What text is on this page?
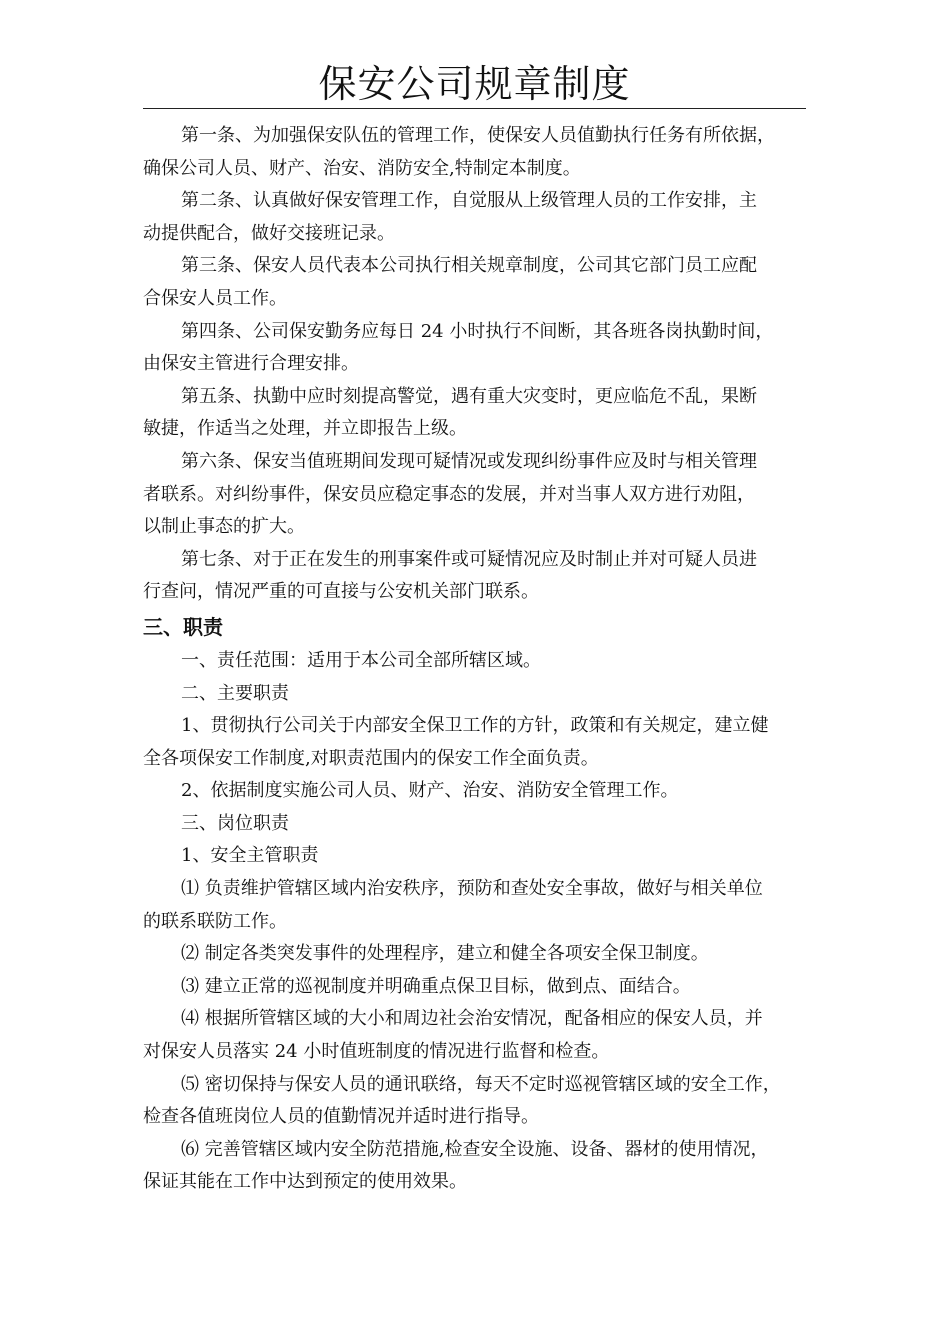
保安公司规章制度
第一条、为加强保安队伍的管理工作，使保安人员值勤执行任务有所依据，
确保公司人员、财产、治安、消防安全,特制定本制度。
第二条、认真做好保安管理工作，自觉服从上级管理人员的工作安排，主
动提供配合，做好交接班记录。
第三条、保安人员代表本公司执行相关规章制度，公司其它部门员工应配
合保安人员工作。
第四条、公司保安勤务应每日 24 小时执行不间断，其各班各岗执勤时间，
由保安主管进行合理安排。
第五条、执勤中应时刻提高警觉，遇有重大灾变时，更应临危不乱，果断
敏捷，作适当之处理，并立即报告上级。
第六条、保安当值班期间发现可疑情况或发现纠纷事件应及时与相关管理
者联系。对纠纷事件，保安员应稳定事态的发展，并对当事人双方进行劝阻，
以制止事态的扩大。
第七条、对于正在发生的刑事案件或可疑情况应及时制止并对可疑人员进
行查问，情况严重的可直接与公安机关部门联系。
三、职责
一、责任范围：适用于本公司全部所辖区域。
二、主要职责
1、贯彻执行公司关于内部安全保卫工作的方针，政策和有关规定，建立健
全各项保安工作制度,对职责范围内的保安工作全面负责。
2、依据制度实施公司人员、财产、治安、消防安全管理工作。
三、岗位职责
1、安全主管职责
⑴ 负责维护管辖区域内治安秩序，预防和查处安全事故，做好与相关单位
的联系联防工作。
⑵ 制定各类突发事件的处理程序，建立和健全各项安全保卫制度。
⑶ 建立正常的巡视制度并明确重点保卫目标，做到点、面结合。
⑷ 根据所管辖区域的大小和周边社会治安情况，配备相应的保安人员，并
对保安人员落实 24 小时值班制度的情况进行监督和检查。
⑸ 密切保持与保安人员的通讯联络，每天不定时巡视管辖区域的安全工作，
检查各值班岗位人员的值勤情况并适时进行指导。
⑹ 完善管辖区域内安全防范措施,检查安全设施、设备、器材的使用情况，
保证其能在工作中达到预定的使用效果。
